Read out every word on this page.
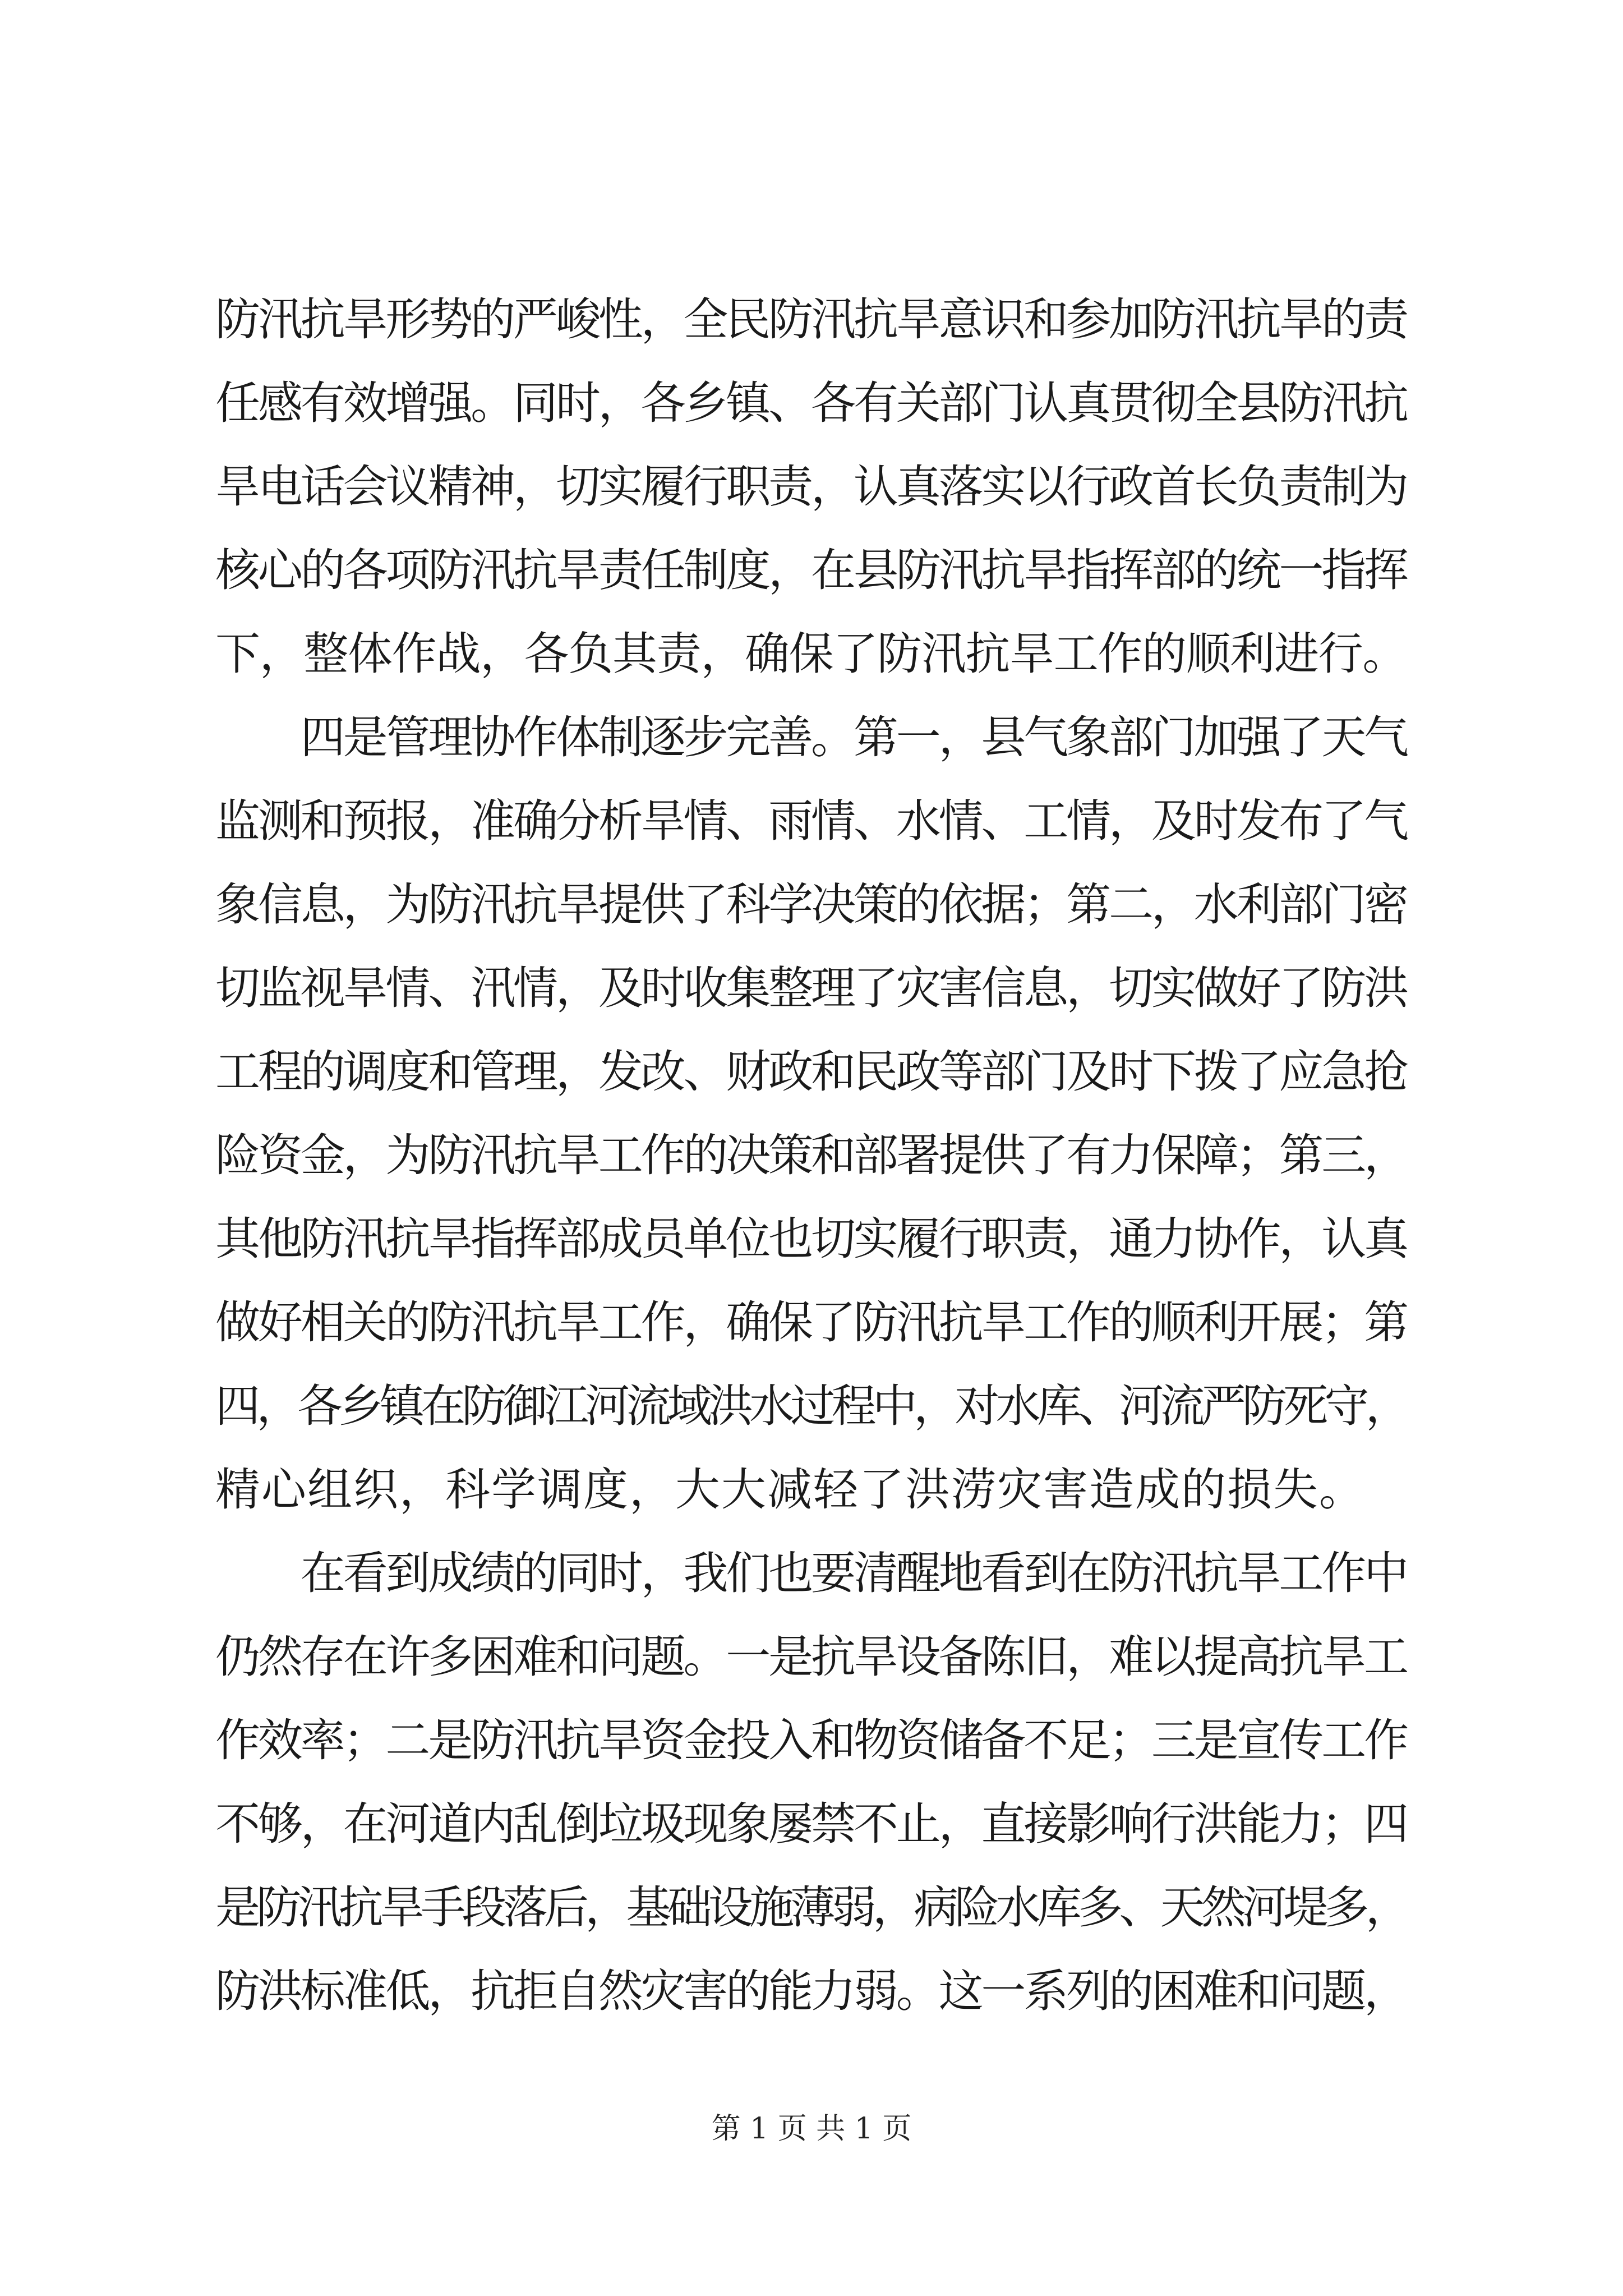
防汛抗旱形势的严峻性，全民防汛抗旱意识和参加防汛抗旱的责
任感有效增强。同时，各乡镇、各有关部门认真贯彻全县防汛抗
旱电话会议精神，切实履行职责，认真落实以行政首长负责制为
核心的各项防汛抗旱责任制度，在县防汛抗旱指挥部的统一指挥
下，整体作战，各负其责，确保了防汛抗旱工作的顺利进行。
　　四是管理协作体制逐步完善。第一，县气象部门加强了天气
监测和预报，准确分析旱情、雨情、水情、工情，及时发布了气
象信息，为防汛抗旱提供了科学决策的依据；第二，水利部门密
切监视旱情、汛情，及时收集整理了灾害信息，切实做好了防洪
工程的调度和管理，发改、财政和民政等部门及时下拨了应急抢
险资金，为防汛抗旱工作的决策和部署提供了有力保障；第三，
其他防汛抗旱指挥部成员单位也切实履行职责，通力协作，认真
做好相关的防汛抗旱工作，确保了防汛抗旱工作的顺利开展；第
四，各乡镇在防御江河流域洪水过程中，对水库、河流严防死守，
精心组织，科学调度，大大减轻了洪涝灾害造成的损失。
　　在看到成绩的同时，我们也要清醒地看到在防汛抗旱工作中
仍然存在许多困难和问题。一是抗旱设备陈旧，难以提高抗旱工
作效率；二是防汛抗旱资金投入和物资储备不足；三是宣传工作
不够，在河道内乱倒垃圾现象屡禁不止，直接影响行洪能力；四
是防汛抗旱手段落后，基础设施薄弱，病险水库多、天然河堤多，
防洪标准低，抗拒自然灾害的能力弱。这一系列的困难和问题，
第 1 页 共 1 页
